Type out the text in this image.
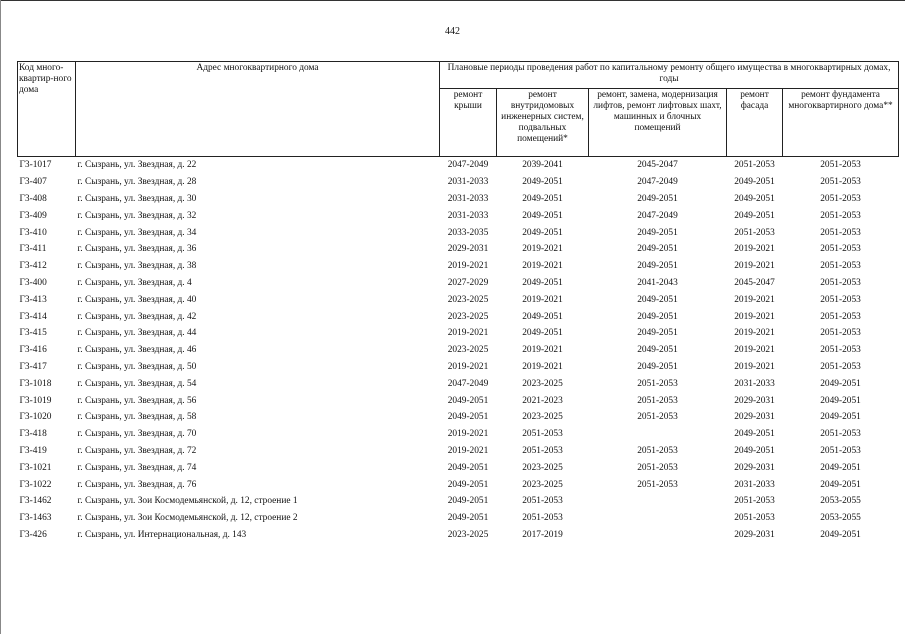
442
Код много-квартир-ного дома	Адрес многоквартирного дома	Плановые периоды проведения работ по капитальному ремонту общего имущества в многоквартирных домах, годы				
		ремонт крыши	ремонт внутридомовых инженерных систем, подвальных помещений*	ремонт, замена, модернизация лифтов, ремонт лифтовых шахт, машинных и блочных помещений	ремонт фасада	ремонт фундамента многоквартирного дома**
Г3-1017	г. Сызрань, ул. Звездная, д. 22	2047-2049	2039-2041	2045-2047	2051-2053	2051-2053
Г3-407	г. Сызрань, ул. Звездная, д. 28	2031-2033	2049-2051	2047-2049	2049-2051	2051-2053
Г3-408	г. Сызрань, ул. Звездная, д. 30	2031-2033	2049-2051	2049-2051	2049-2051	2051-2053
Г3-409	г. Сызрань, ул. Звездная, д. 32	2031-2033	2049-2051	2047-2049	2049-2051	2051-2053
Г3-410	г. Сызрань, ул. Звездная, д. 34	2033-2035	2049-2051	2049-2051	2051-2053	2051-2053
Г3-411	г. Сызрань, ул. Звездная, д. 36	2029-2031	2019-2021	2049-2051	2019-2021	2051-2053
Г3-412	г. Сызрань, ул. Звездная, д. 38	2019-2021	2019-2021	2049-2051	2019-2021	2051-2053
Г3-400	г. Сызрань, ул. Звездная, д. 4	2027-2029	2049-2051	2041-2043	2045-2047	2051-2053
Г3-413	г. Сызрань, ул. Звездная, д. 40	2023-2025	2019-2021	2049-2051	2019-2021	2051-2053
Г3-414	г. Сызрань, ул. Звездная, д. 42	2023-2025	2049-2051	2049-2051	2019-2021	2051-2053
Г3-415	г. Сызрань, ул. Звездная, д. 44	2019-2021	2049-2051	2049-2051	2019-2021	2051-2053
Г3-416	г. Сызрань, ул. Звездная, д. 46	2023-2025	2019-2021	2049-2051	2019-2021	2051-2053
Г3-417	г. Сызрань, ул. Звездная, д. 50	2019-2021	2019-2021	2049-2051	2019-2021	2051-2053
Г3-1018	г. Сызрань, ул. Звездная, д. 54	2047-2049	2023-2025	2051-2053	2031-2033	2049-2051
Г3-1019	г. Сызрань, ул. Звездная, д. 56	2049-2051	2021-2023	2051-2053	2029-2031	2049-2051
Г3-1020	г. Сызрань, ул. Звездная, д. 58	2049-2051	2023-2025	2051-2053	2029-2031	2049-2051
Г3-418	г. Сызрань, ул. Звездная, д. 70	2019-2021	2051-2053		2049-2051	2051-2053
Г3-419	г. Сызрань, ул. Звездная, д. 72	2019-2021	2051-2053	2051-2053	2049-2051	2051-2053
Г3-1021	г. Сызрань, ул. Звездная, д. 74	2049-2051	2023-2025	2051-2053	2029-2031	2049-2051
Г3-1022	г. Сызрань, ул. Звездная, д. 76	2049-2051	2023-2025	2051-2053	2031-2033	2049-2051
Г3-1462	г. Сызрань, ул. Зои Космодемьянской, д. 12, строение 1	2049-2051	2051-2053		2051-2053	2053-2055
Г3-1463	г. Сызрань, ул. Зои Космодемьянской, д. 12, строение 2	2049-2051	2051-2053		2051-2053	2053-2055
Г3-426	г. Сызрань, ул. Интернациональная, д. 143	2023-2025	2017-2019		2029-2031	2049-2051
